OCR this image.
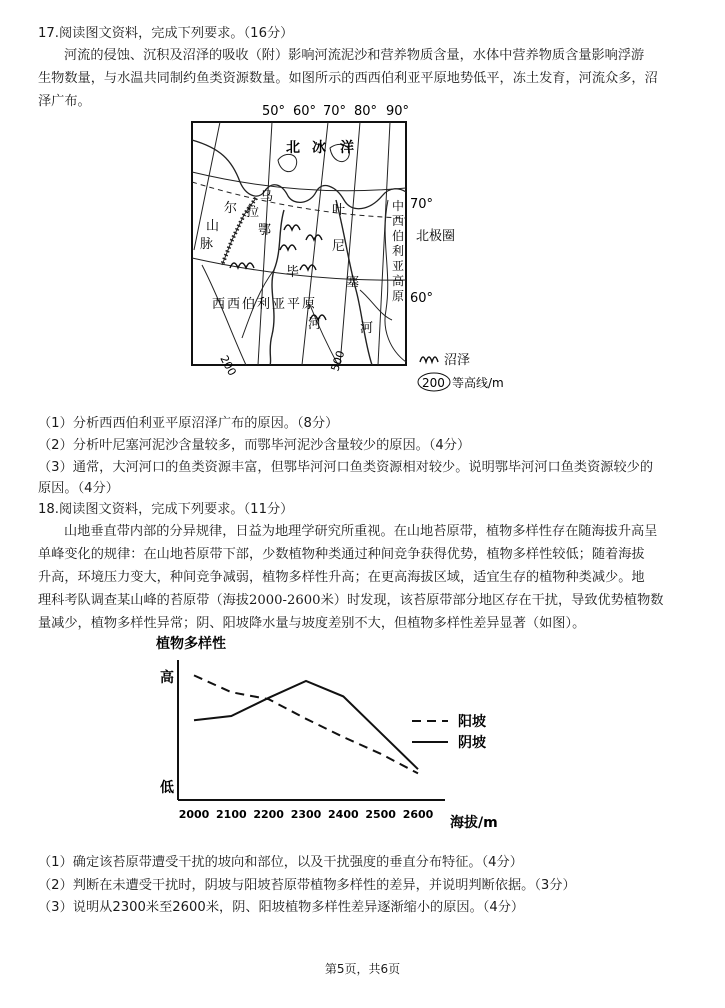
17.阅读图文资料，完成下列要求。（16分）
河流的侵蚀、沉积及沼泽的吸收（附）影响河流泥沙和营养物质含量，水体中营养物质含量影响浮游
生物数量，与水温共同制约鱼类资源数量。如图所示的西西伯利亚平原地势低平，冻土发育，河流众多，沼
泽广布。
50° 60° 70° 80° 90°
北 冰 洋
乌
拉
尔
山
脉
鄂
毕
叶
尼
塞
中
西
伯
利
亚
高
原
西西伯利亚平原
河	河
200	500
70°
北极圈
60°
沼泽
200 等高线/m
（1）分析西西伯利亚平原沼泽广布的原因。（8分）
（2）分析叶尼塞河泥沙含量较多，而鄂毕河泥沙含量较少的原因。（4分）
（3）通常，大河河口的鱼类资源丰富，但鄂毕河河口鱼类资源相对较少。说明鄂毕河河口鱼类资源较少的
原因。（4分）
18.阅读图文资料，完成下列要求。（11分）
山地垂直带内部的分异规律，日益为地理学研究所重视。在山地苔原带，植物多样性存在随海拔升高呈
单峰变化的规律：在山地苔原带下部，少数植物种类通过种间竞争获得优势，植物多样性较低；随着海拔
升高，环境压力变大，种间竞争减弱，植物多样性升高；在更高海拔区域，适宜生存的植物种类减少。地
理科考队调查某山峰的苔原带（海拔2000-2600米）时发现，该苔原带部分地区存在干扰，导致优势植物数
量减少，植物多样性异常；阴、阳坡降水量与坡度差别不大，但植物多样性差异显著（如图）。
植物多样性
高
低
2000 2100 2200 2300 2400 2500 2600
阳坡
阴坡
海拔/m
（1）确定该苔原带遭受干扰的坡向和部位，以及干扰强度的垂直分布特征。（4分）
（2）判断在未遭受干扰时，阴坡与阳坡苔原带植物多样性的差异，并说明判断依据。（3分）
（3）说明从2300米至2600米，阴、阳坡植物多样性差异逐渐缩小的原因。（4分）
第5页，共6页
